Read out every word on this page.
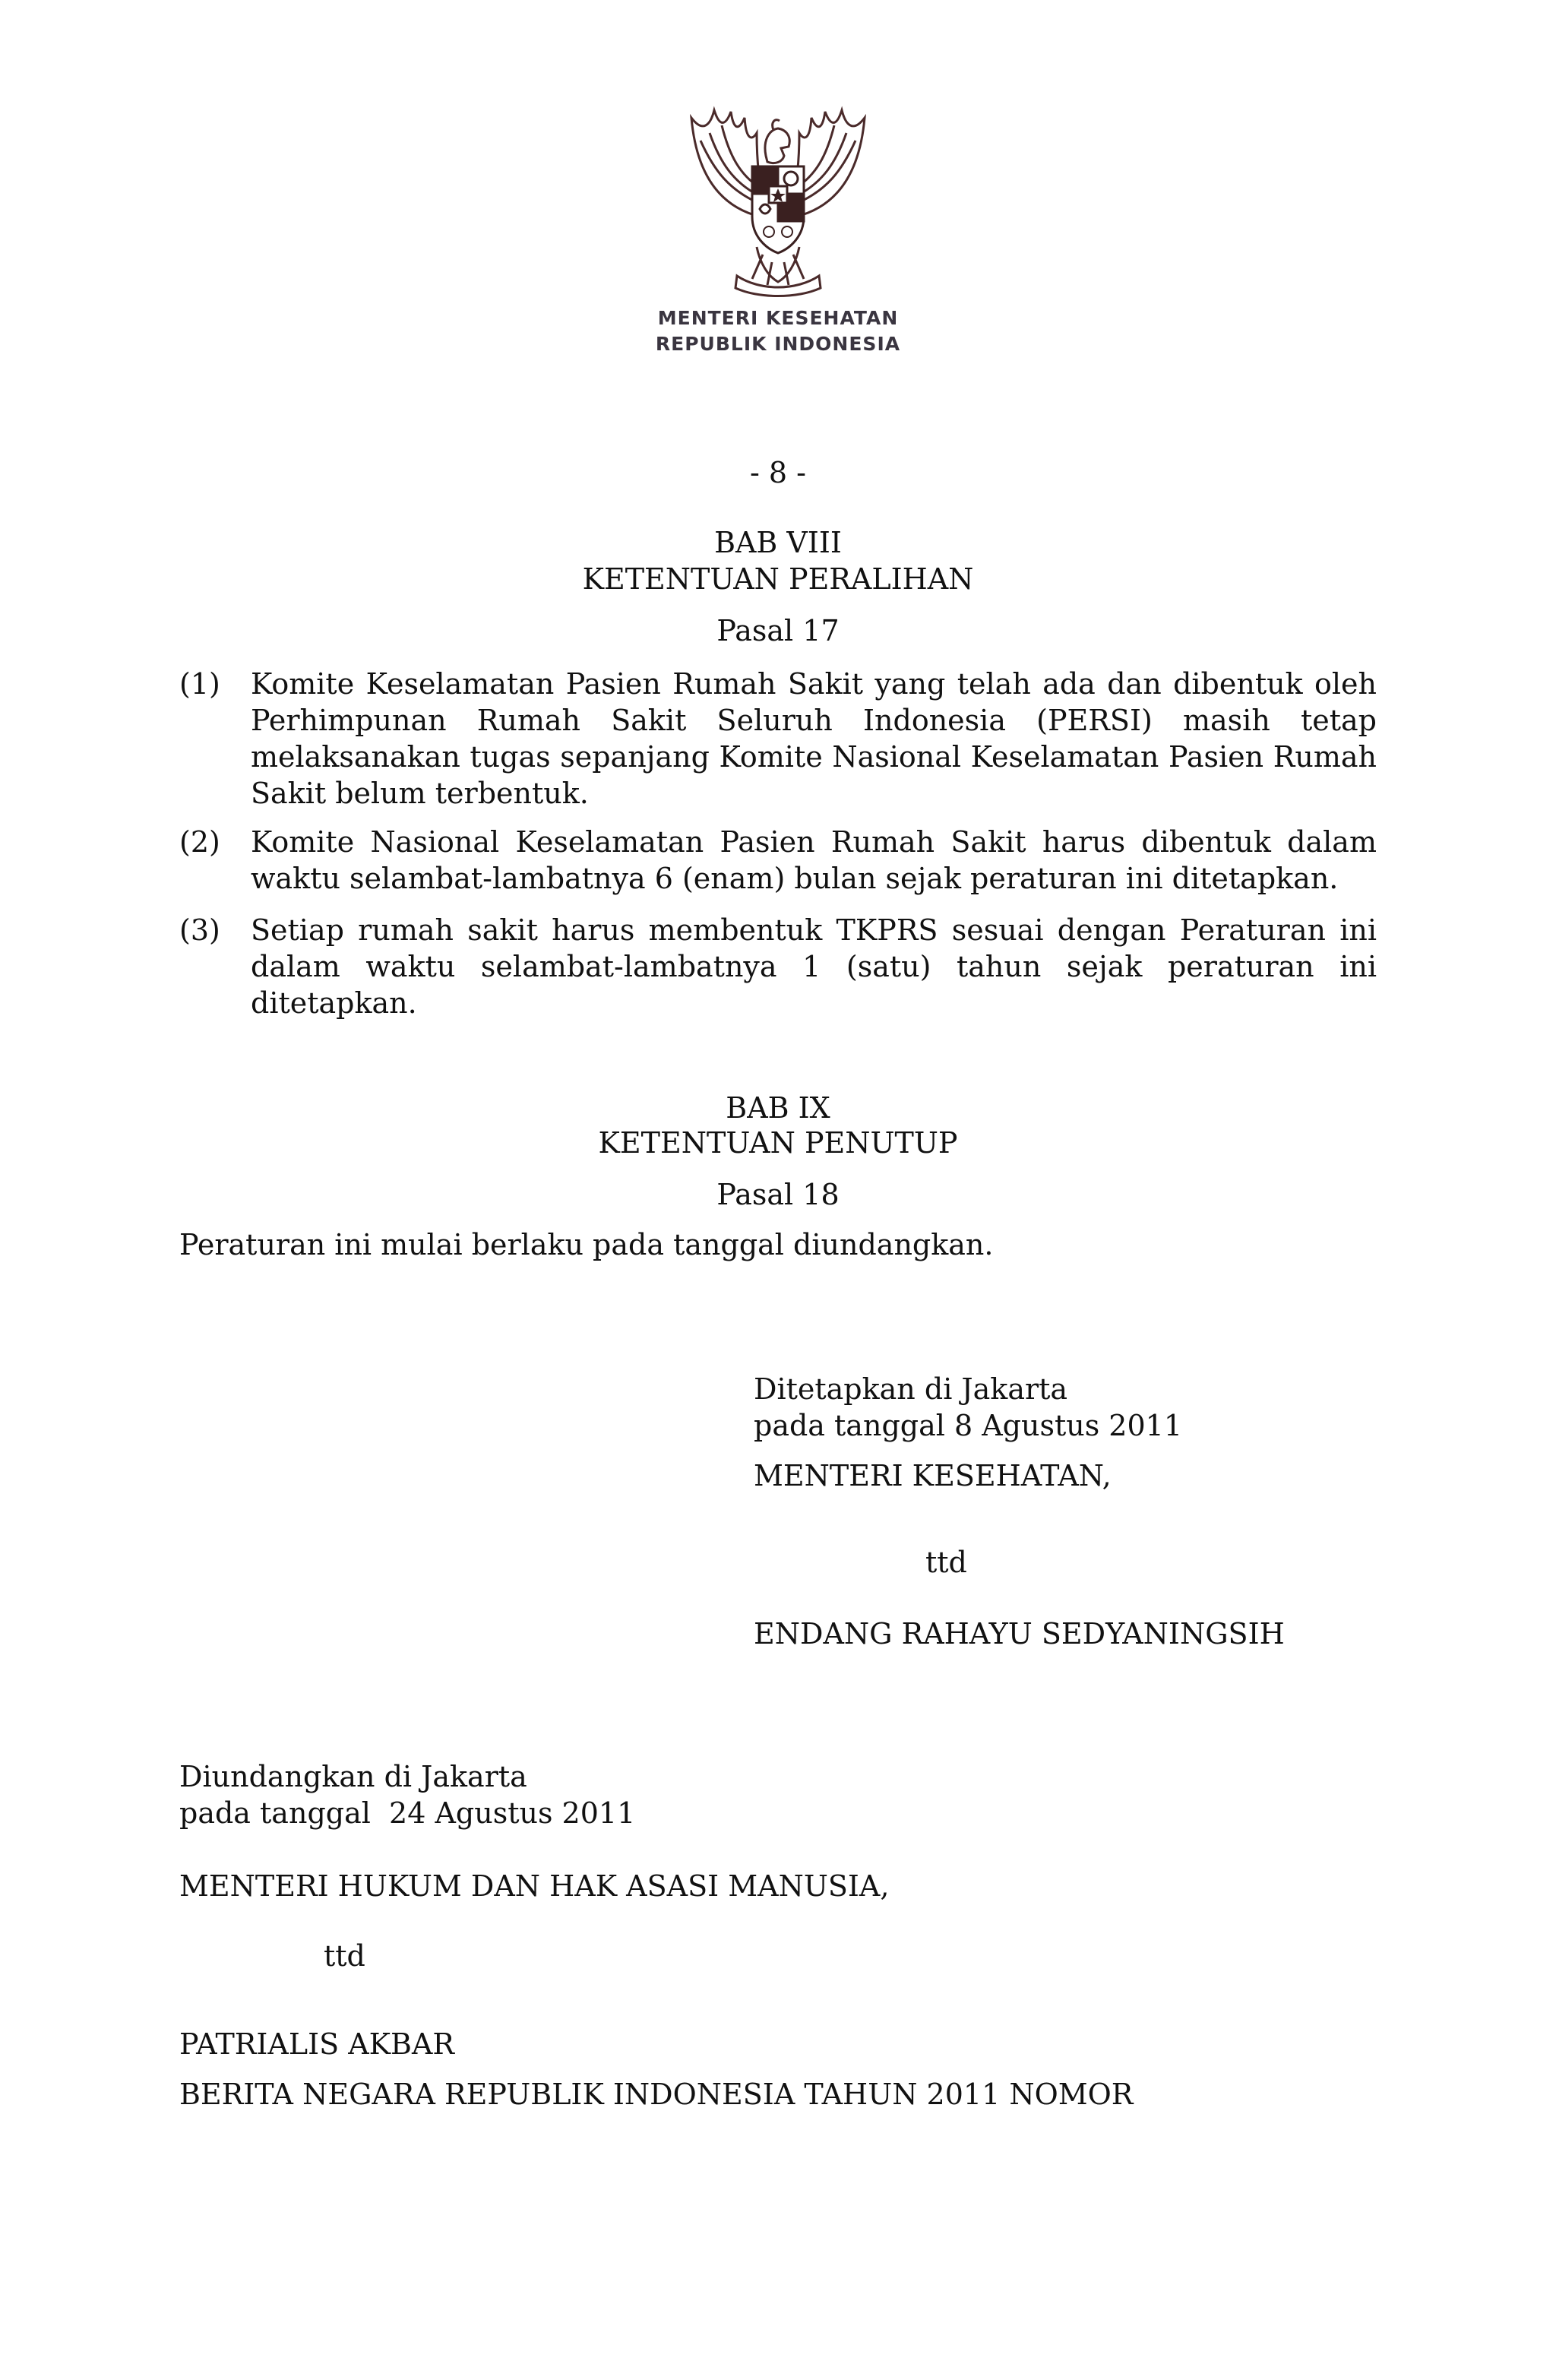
MENTERI KESEHATAN
REPUBLIK INDONESIA
- 8 -
BAB VIII
KETENTUAN PERALIHAN
Pasal 17
(1) Komite Keselamatan Pasien Rumah Sakit yang telah ada dan dibentuk oleh Perhimpunan Rumah Sakit Seluruh Indonesia (PERSI) masih tetap melaksanakan tugas sepanjang Komite Nasional Keselamatan Pasien Rumah Sakit belum terbentuk.
(2) Komite Nasional Keselamatan Pasien Rumah Sakit harus dibentuk dalam waktu selambat-lambatnya 6 (enam) bulan sejak peraturan ini ditetapkan.
(3) Setiap rumah sakit harus membentuk TKPRS sesuai dengan Peraturan ini dalam waktu selambat-lambatnya 1 (satu) tahun sejak peraturan ini ditetapkan.
BAB IX
KETENTUAN PENUTUP
Pasal 18
Peraturan ini mulai berlaku pada tanggal diundangkan.
Ditetapkan di Jakarta
pada tanggal 8 Agustus 2011
MENTERI KESEHATAN,
ttd
ENDANG RAHAYU SEDYANINGSIH
Diundangkan di Jakarta
pada tanggal  24 Agustus 2011
MENTERI HUKUM DAN HAK ASASI MANUSIA,
ttd
PATRIALIS AKBAR
BERITA NEGARA REPUBLIK INDONESIA TAHUN 2011 NOMOR
